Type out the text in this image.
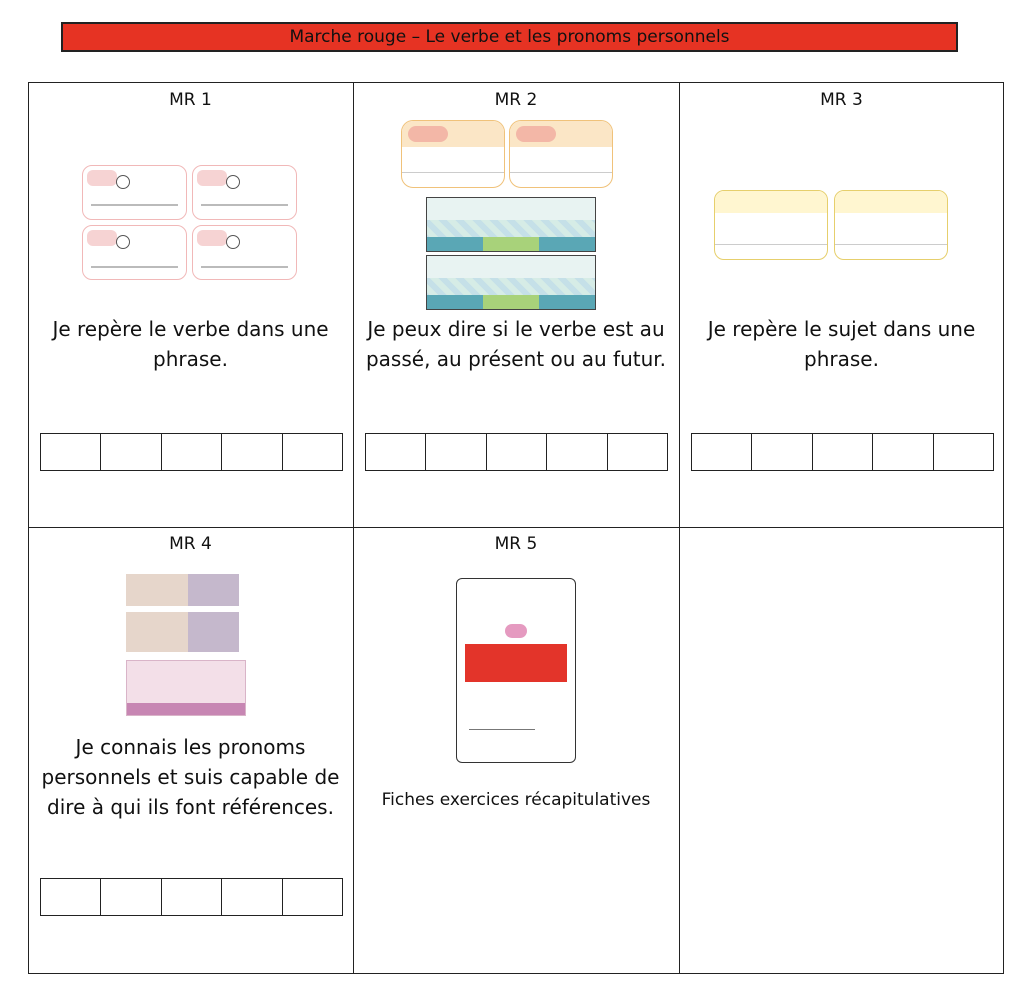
Marche rouge – Le verbe et les pronoms personnels
MR 1
Je repère le verbe dans une phrase.
MR 2
Je peux dire si le verbe est au passé, au présent ou au futur.
MR 3
Je repère le sujet dans une phrase.
MR 4
Je connais les pronoms personnels et suis capable de dire à qui ils font références.
MR 5
Fiches exercices récapitulatives
